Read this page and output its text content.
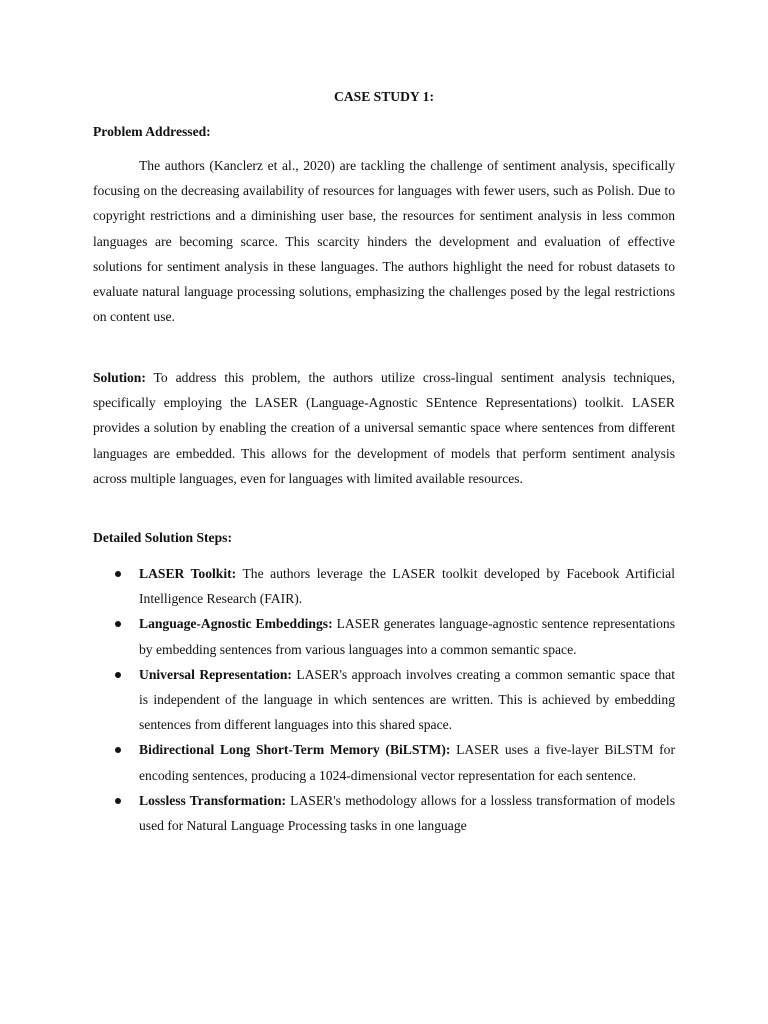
CASE STUDY 1:

Problem Addressed:

The authors (Kanclerz et al., 2020) are tackling the challenge of sentiment analysis, specifically focusing on the decreasing availability of resources for languages with fewer users, such as Polish. Due to copyright restrictions and a diminishing user base, the resources for sentiment analysis in less common languages are becoming scarce. This scarcity hinders the development and evaluation of effective solutions for sentiment analysis in these languages. The authors highlight the need for robust datasets to evaluate natural language processing solutions, emphasizing the challenges posed by the legal restrictions on content use.

Solution: To address this problem, the authors utilize cross-lingual sentiment analysis techniques, specifically employing the LASER (Language-Agnostic SEntence Representations) toolkit. LASER provides a solution by enabling the creation of a universal semantic space where sentences from different languages are embedded. This allows for the development of models that perform sentiment analysis across multiple languages, even for languages with limited available resources.

Detailed Solution Steps:

LASER Toolkit: The authors leverage the LASER toolkit developed by Facebook Artificial Intelligence Research (FAIR).
Language-Agnostic Embeddings: LASER generates language-agnostic sentence representations by embedding sentences from various languages into a common semantic space.
Universal Representation: LASER's approach involves creating a common semantic space that is independent of the language in which sentences are written. This is achieved by embedding sentences from different languages into this shared space.
Bidirectional Long Short-Term Memory (BiLSTM): LASER uses a five-layer BiLSTM for encoding sentences, producing a 1024-dimensional vector representation for each sentence.
Lossless Transformation: LASER's methodology allows for a lossless transformation of models used for Natural Language Processing tasks in one language
